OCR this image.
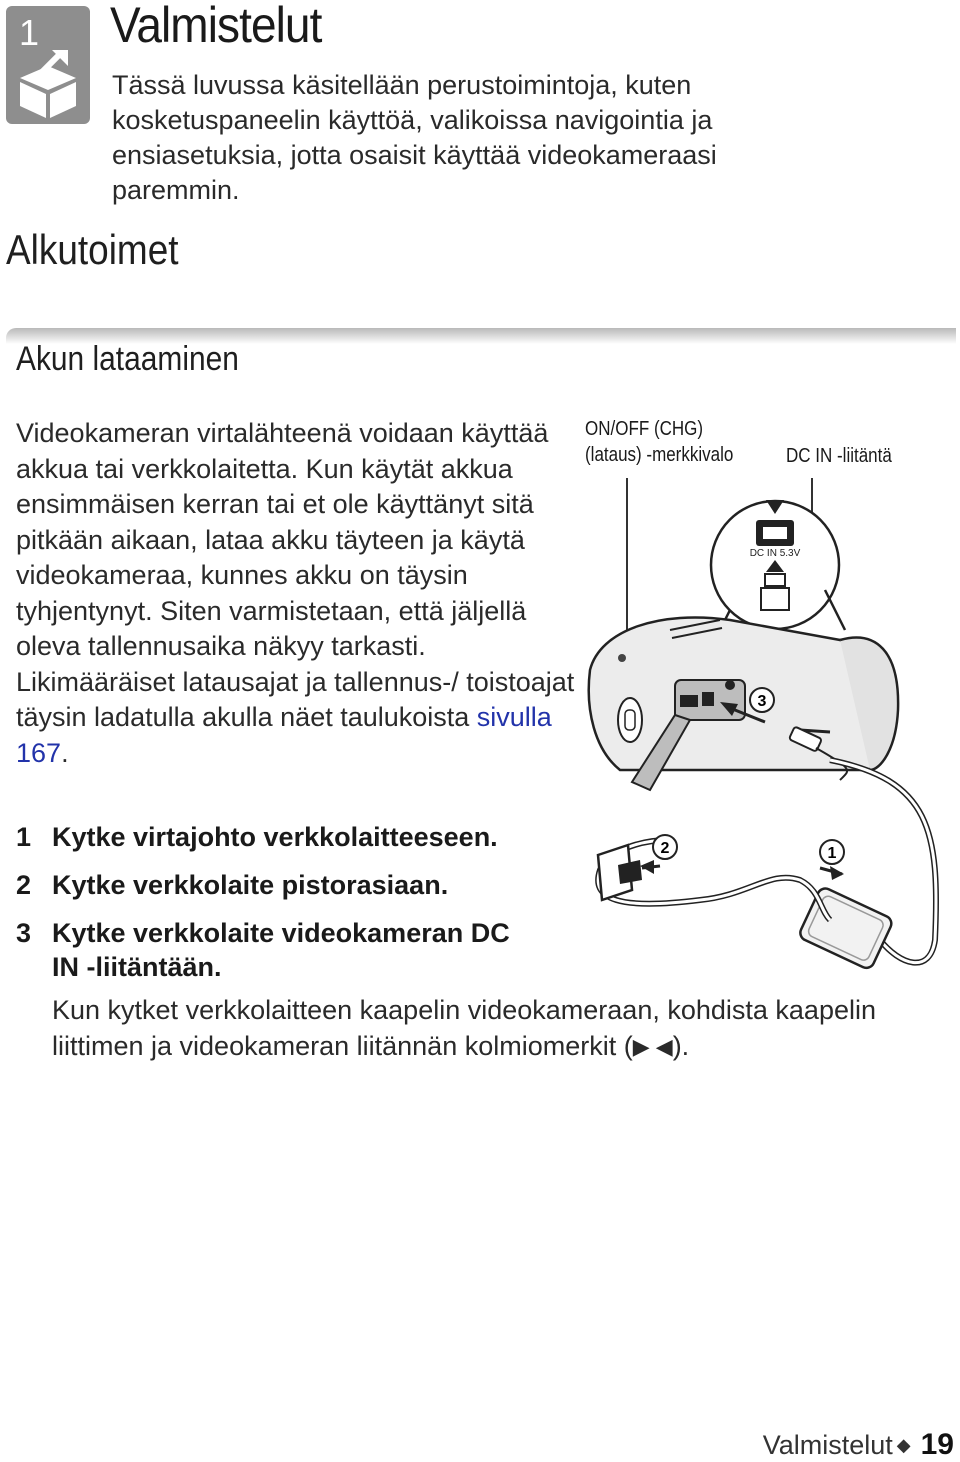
1 Valmistelut
Tässä luvussa käsitellään perustoimintoja, kuten kosketuspaneelin käyttöä, valikoissa navigointia ja ensiasetuksia, jotta osaisit käyttää videokameraasi paremmin.
Alkutoimet
Akun lataaminen
Videokameran virtalähteenä voidaan käyttää akkua tai verkkolaitetta. Kun käytät akkua ensimmäisen kerran tai et ole käyttänyt sitä pitkään aikaan, lataa akku täyteen ja käytä videokameraa, kunnes akku on täysin tyhjentynyt. Siten varmistetaan, että jäljellä oleva tallennusaika näkyy tarkasti. Likimääräiset latausajat ja tallennus-/ toistoajat täysin ladatulla akulla näet taulukoista sivulla 167.
1 Kytke virtajohto verkkolaitteeseen.
2 Kytke verkkolaite pistorasiaan.
3 Kytke verkkolaite videokameran DC IN -liitäntään.
Kun kytket verkkolaitteen kaapelin videokameraan, kohdista kaapelin liittimen ja videokameran liitännän kolmiomerkit (▶ ◀).
ON/OFF (CHG)
(lataus) -merkkivalo	DC IN -liitäntä
DC IN 5.3V
1
2
3
Valmistelut ◆ 19
